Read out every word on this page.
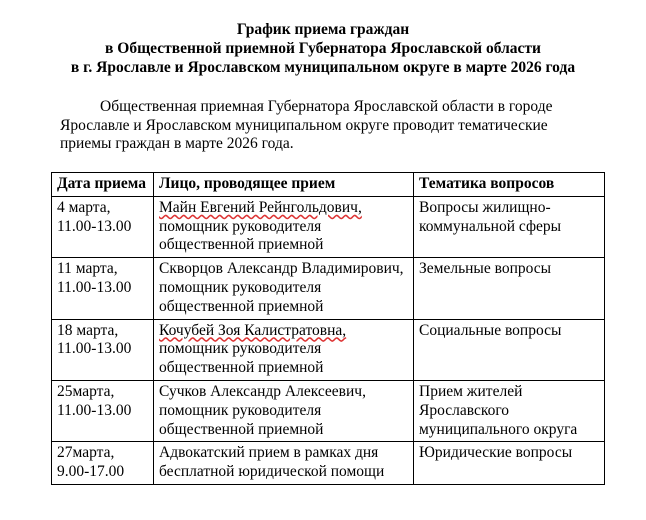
График приема граждан
в Общественной приемной Губернатора Ярославской области
в г. Ярославле и Ярославском муниципальном округе в марте 2026 года
Общественная приемная Губернатора Ярославской области в городе
Ярославле и Ярославском муниципальном округе проводит тематические
приемы граждан в марте 2026 года.
Дата приема	Лицо, проводящее прием	Тематика вопросов

4 марта,
11.00-13.00	Майн Евгений Рейнгольдович, помощник руководителя общественной приемной	Вопросы жилищно-коммунальной сферы

11 марта,
11.00-13.00	Скворцов Александр Владимирович, помощник руководителя общественной приемной	Земельные вопросы

18 марта,
11.00-13.00	Кочубей Зоя Калистратовна, помощник руководителя общественной приемной	Социальные вопросы

25марта,
11.00-13.00	Сучков Александр Алексеевич, помощник руководителя общественной приемной	Прием жителей Ярославского муниципального округа

27марта,
9.00-17.00	Адвокатский прием в рамках дня бесплатной юридической помощи	Юридические вопросы
